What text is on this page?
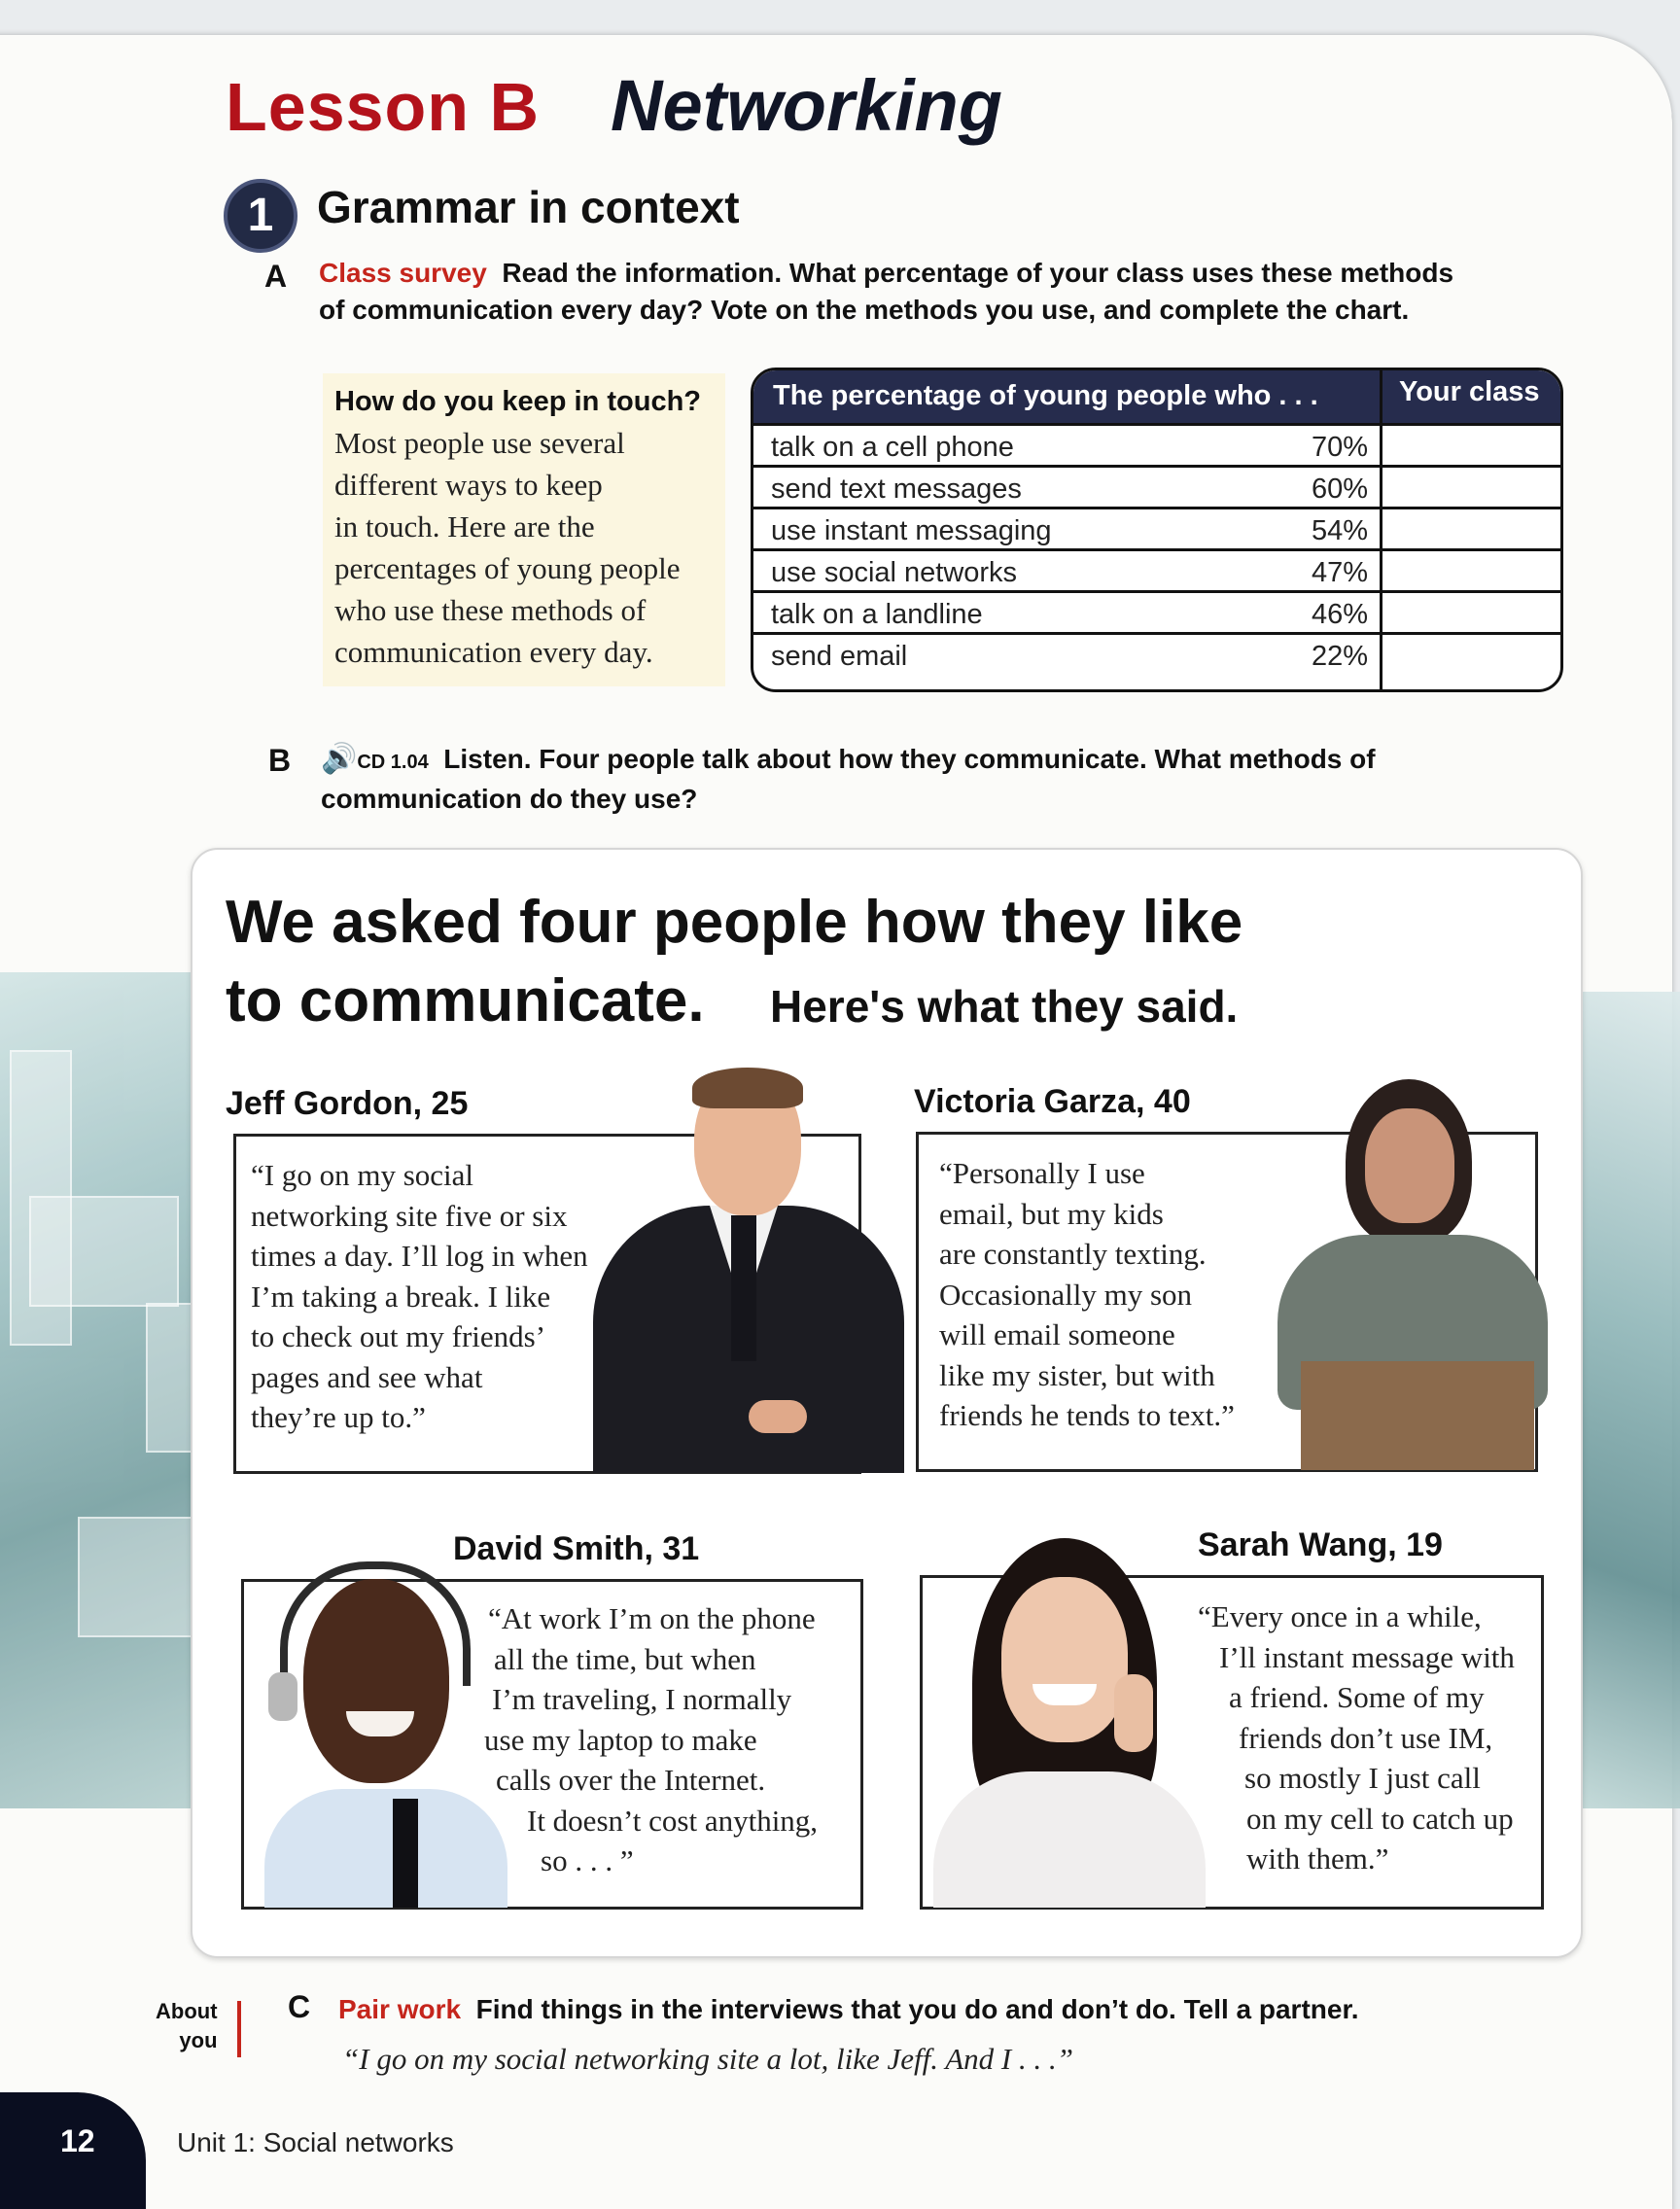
Lesson B Networking
1 Grammar in context
A Class survey Read the information. What percentage of your class uses these methods
of communication every day? Vote on the methods you use, and complete the chart.
How do you keep in touch?
Most people use several
different ways to keep
in touch. Here are the
percentages of young people
who use these methods of
communication every day.
The percentage of young people who . . .	Your class
talk on a cell phone	70%
send text messages	60%
use instant messaging	54%
use social networks	47%
talk on a landline	46%
send email	22%
B 🔊CD 1.04 Listen. Four people talk about how they communicate. What methods of
communication do they use?
We asked four people how they like
to communicate. Here's what they said.
Jeff Gordon, 25
“I go on my social
networking site five or six
times a day. I’ll log in when
I’m taking a break. I like
to check out my friends’
pages and see what
they’re up to.”
Victoria Garza, 40
“Personally I use
email, but my kids
are constantly texting.
Occasionally my son
will email someone
like my sister, but with
friends he tends to text.”
David Smith, 31
“At work I’m on the phone
all the time, but when
I’m traveling, I normally
use my laptop to make
calls over the Internet.
It doesn’t cost anything,
so . . . ”
Sarah Wang, 19
“Every once in a while,
I’ll instant message with
a friend. Some of my
friends don’t use IM,
so mostly I just call
on my cell to catch up
with them.”
About
you
C Pair work Find things in the interviews that you do and don’t do. Tell a partner.
“I go on my social networking site a lot, like Jeff. And I . . .”
12	Unit 1: Social networks
